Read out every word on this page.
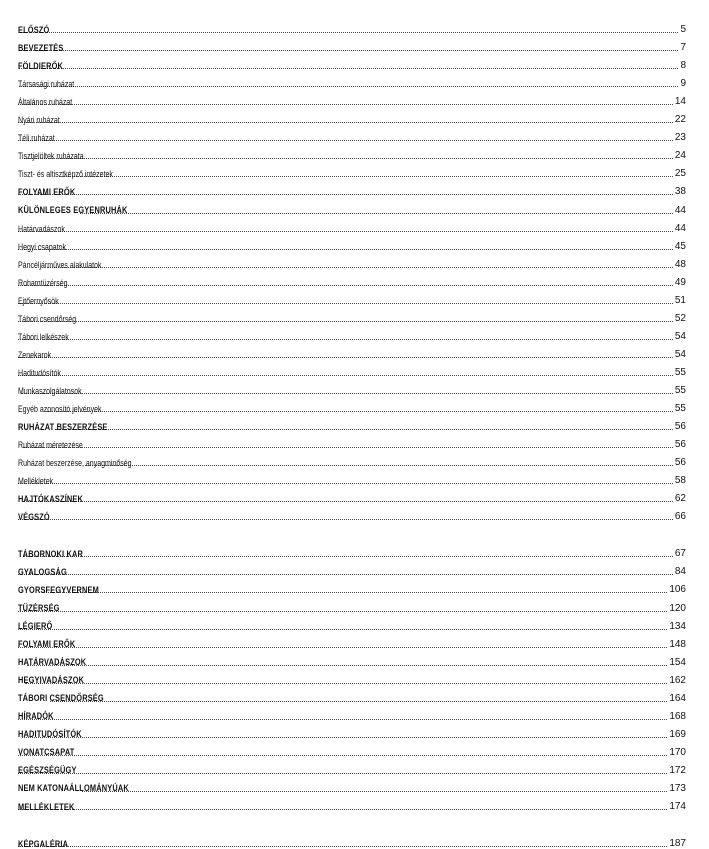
ELŐSZÓ	5
BEVEZETÉS	7
FÖLDIERŐK	8
Társasági ruházat	9
Általános ruházat	14
Nyári ruházat	22
Téli ruházat	23
Tisztjelöltek ruházata	24
Tiszt- és altisztképző intézetek	25
FOLYAMI ERŐK	38
KÜLÖNLEGES EGYENRUHÁK	44
Határvadászok	44
Hegyi csapatok	45
Páncéljárműves alakulatok	48
Rohamtüzérség	49
Ejtőernyősök	51
Tábori csendőrség	52
Tábori lelkészek	54
Zenekarok	54
Haditudósítók	55
Munkaszolgálatosok	55
Egyéb azonosító jelvények	55
RUHÁZAT BESZERZÉSE	56
Ruházat méretezése	56
Ruházat beszerzése, anyagminőség	56
Mellékletek	58
HAJTÓKASZÍNEK	62
VÉGSZÓ	66
TÁBORNOKI KAR	67
GYALOGSÁG	84
GYORSFEGYVERNEM	106
TÜZÉRSÉG	120
LÉGIERŐ	134
FOLYAMI ERŐK	148
HATÁRVADÁSZOK	154
HEGYIVADÁSZOK	162
TÁBORI CSENDŐRSÉG	164
HÍRADÓK	168
HADITUDÓSÍTÓK	169
VONATCSAPAT	170
EGÉSZSÉGÜGY	172
NEM KATONAÁLLOMÁNYÚAK	173
MELLÉKLETEK	174
KÉPGALÉRIA	187
